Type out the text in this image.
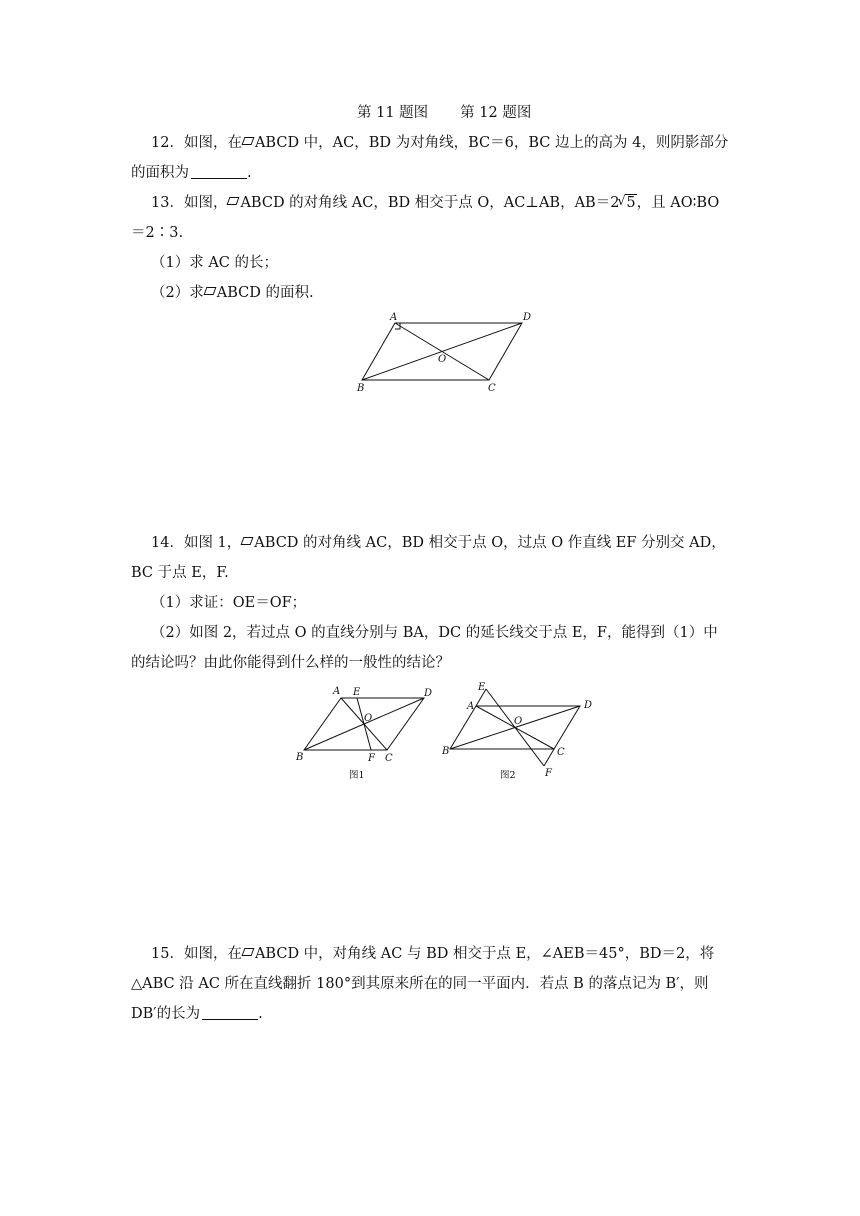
第 11 题图 第 12 题图
12．如图，在 ABCD 中，AC，BD 为对角线，BC＝6，BC 边上的高为 4，则阴影部分
的面积为	.
13．如图， ABCD 的对角线 AC，BD 相交于点 O，AC⊥AB，AB＝2√ 5，且 AO∶BO
＝2∶3.
（1）求 AC 的长；
（2）求 ABCD 的面积.
14．如图 1， ABCD 的对角线 AC，BD 相交于点 O，过点 O 作直线 EF 分别交 AD，
BC 于点 E，F.
（1）求证：OE＝OF；
（2）如图 2，若过点 O 的直线分别与 BA，DC 的延长线交于点 E，F，能得到（1）中
的结论吗？由此你能得到什么样的一般性的结论？
15．如图，在 ABCD 中，对角线 AC 与 BD 相交于点 E，∠AEB＝45°，BD＝2，将
△ABC 沿 AC 所在直线翻折 180°到其原来所在的同一平面内．若点 B 的落点记为 B′，则
DB′的长为	.
A	D
O
B	C
A E	D
O
B	F C
图1
E
A	D
O
B	C
F
图2
